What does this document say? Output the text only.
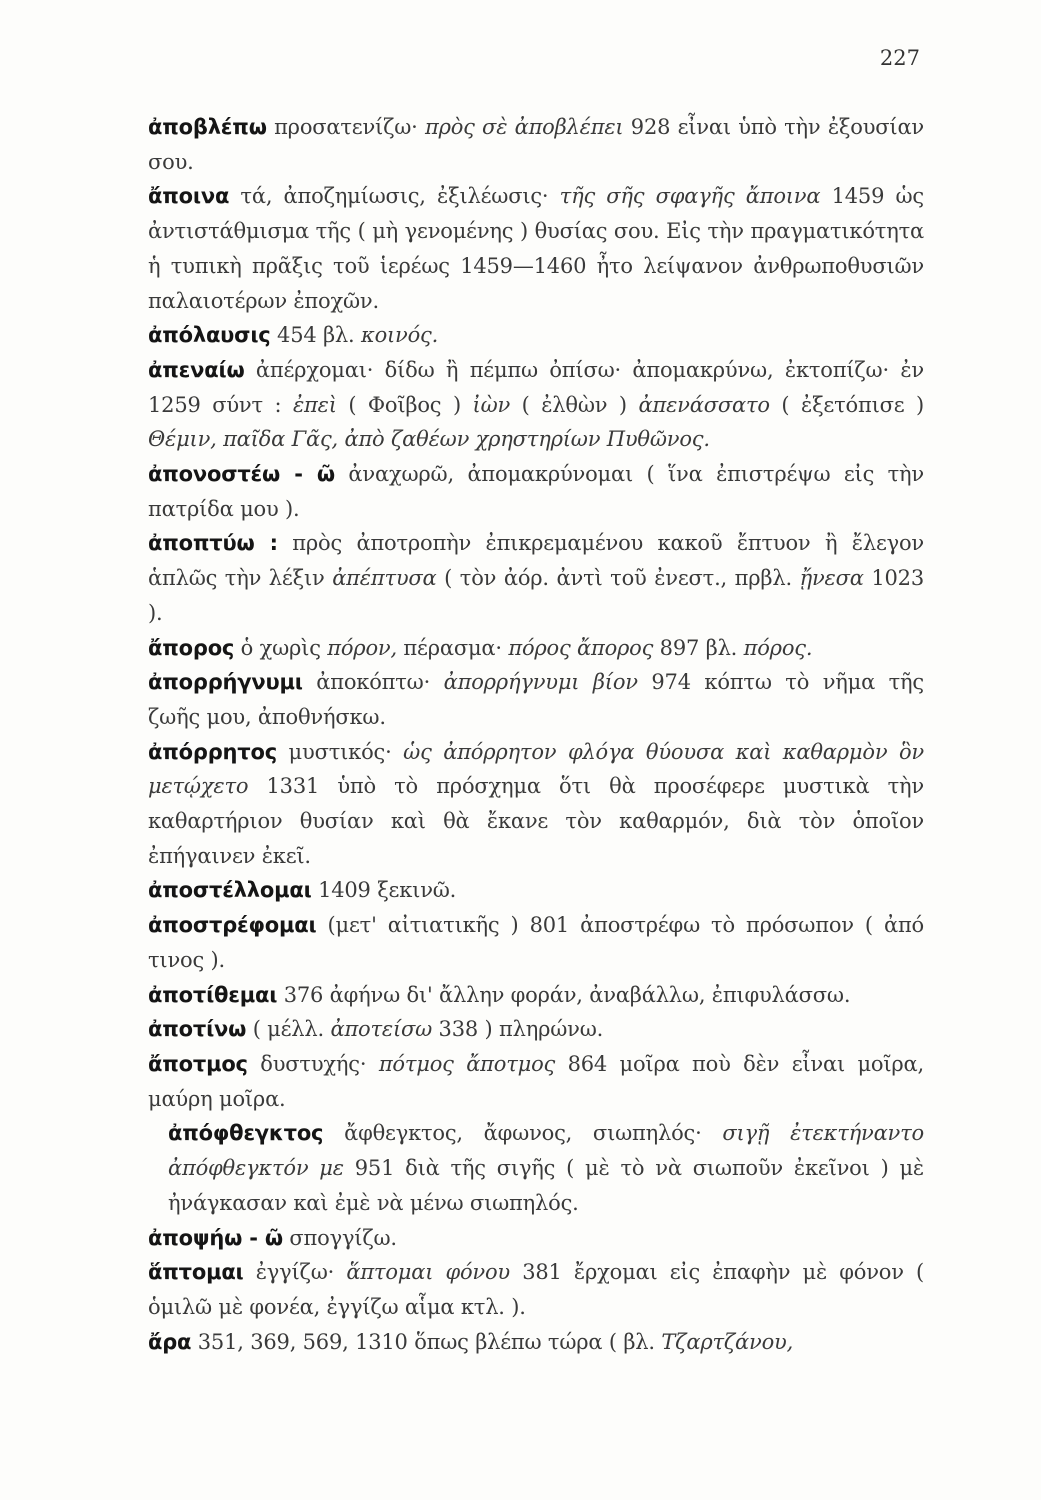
227

ἀποβλέπω προσατενίζω· πρὸς σὲ ἀποβλέπει 928 εἶναι ὑπὸ τὴν ἐξουσίαν σου.

ἄποινα τά, ἀποζημίωσις, ἐξιλέωσις· τῆς σῆς σφαγῆς ἄποινα 1459 ὡς ἀντιστάθμισμα τῆς ( μὴ γενομένης ) θυσίας σου. Εἰς τὴν πραγματικότητα ἡ τυπικὴ πρᾶξις τοῦ ἱερέως 1459—1460 ἦτο λείψανον ἀνθρωποθυσιῶν παλαιοτέρων ἐποχῶν.

ἀπόλαυσις 454 βλ. κοινός.

ἀπεναίω ἀπέρχομαι· δίδω ἢ πέμπω ὀπίσω· ἀπομακρύνω, ἐκτοπίζω· ἐν 1259 σύντ : ἐπεὶ ( Φοῖβος ) ἰὼν ( ἐλθὼν ) ἀπενάσσατο ( ἐξετόπισε ) Θέμιν, παῖδα Γᾶς, ἀπὸ ζαθέων χρηστηρίων Πυθῶνος.

ἀπονοστέω - ῶ ἀναχωρῶ, ἀπομακρύνομαι ( ἵνα ἐπιστρέψω εἰς τὴν πατρίδα μου ).

ἀποπτύω : πρὸς ἀποτροπὴν ἐπικρεμαμένου κακοῦ ἔπτυον ἢ ἔλεγον ἁπλῶς τὴν λέξιν ἀπέπτυσα ( τὸν ἀόρ. ἀντὶ τοῦ ἐνεστ., πρβλ. ᾔνεσα 1023 ).

ἄπορος ὁ χωρὶς πόρον, πέρασμα· πόρος ἄπορος 897 βλ. πόρος.

ἀπορρήγνυμι ἀποκόπτω· ἀπορρήγνυμι βίον 974 κόπτω τὸ νῆμα τῆς ζωῆς μου, ἀποθνήσκω.

ἀπόρρητος μυστικός· ὡς ἀπόρρητον φλόγα θύουσα καὶ καθαρμὸν ὃν μετῴχετο 1331 ὑπὸ τὸ πρόσχημα ὅτι θὰ προσέφερε μυστικὰ τὴν καθαρτήριον θυσίαν καὶ θὰ ἔκανε τὸν καθαρμόν, διὰ τὸν ὁποῖον ἐπήγαινεν ἐκεῖ.

ἀποστέλλομαι 1409 ξεκινῶ.

ἀποστρέφομαι (μετ' αἰτιατικῆς ) 801 ἀποστρέφω τὸ πρόσωπον ( ἀπό τινος ).

ἀποτίθεμαι 376 ἀφήνω δι' ἄλλην φοράν, ἀναβάλλω, ἐπιφυλάσσω.

ἀποτίνω ( μέλλ. ἀποτείσω 338 ) πληρώνω.

ἄποτμος δυστυχής· πότμος ἄποτμος 864 μοῖρα ποὺ δὲν εἶναι μοῖρα, μαύρη μοῖρα.

ἀπόφθεγκτος ἄφθεγκτος, ἄφωνος, σιωπηλός· σιγῇ ἐτεκτήναντο ἀπόφθεγκτόν με 951 διὰ τῆς σιγῆς ( μὲ τὸ νὰ σιωποῦν ἐκεῖνοι ) μὲ ἠνάγκασαν καὶ ἐμὲ νὰ μένω σιωπηλός.

ἀποψήω - ῶ σπογγίζω.

ἅπτομαι ἐγγίζω· ἅπτομαι φόνου 381 ἔρχομαι εἰς ἐπαφὴν μὲ φόνον ( ὁμιλῶ μὲ φονέα, ἐγγίζω αἷμα κτλ. ).

ἄρα 351, 369, 569, 1310 ὅπως βλέπω τώρα ( βλ. Τζαρτζάνου,
